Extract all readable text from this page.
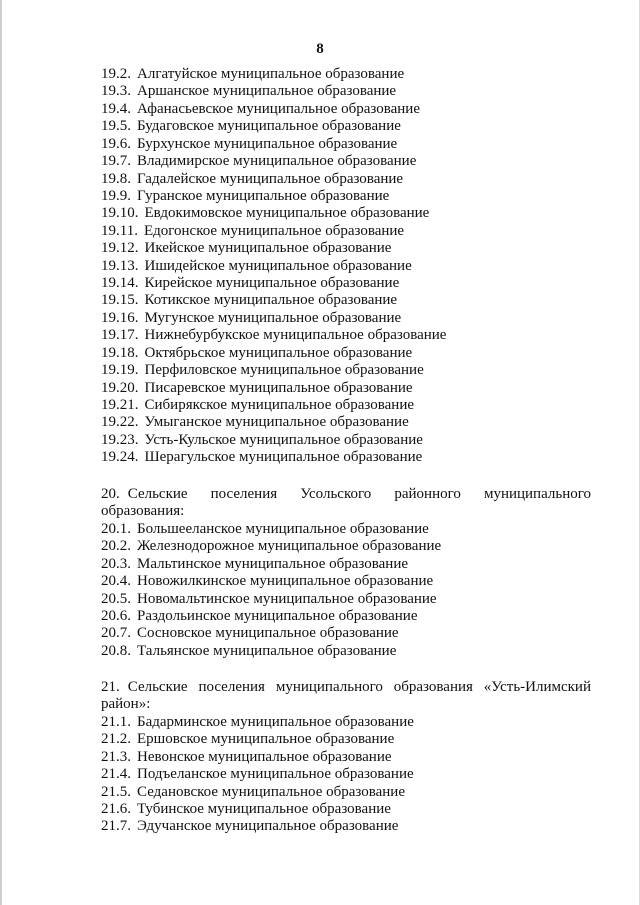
8
19.2. Алгатуйское муниципальное образование
19.3. Аршанское муниципальное образование
19.4. Афанасьевское муниципальное образование
19.5. Будаговское муниципальное образование
19.6. Бурхунское муниципальное образование
19.7. Владимирское муниципальное образование
19.8. Гадалейское муниципальное образование
19.9. Гуранское муниципальное образование
19.10. Евдокимовское муниципальное образование
19.11. Едогонское муниципальное образование
19.12. Икейское муниципальное образование
19.13. Ишидейское муниципальное образование
19.14. Кирейское муниципальное образование
19.15. Котикское муниципальное образование
19.16. Мугунское муниципальное образование
19.17. Нижнебурбукское муниципальное образование
19.18. Октябрьское муниципальное образование
19.19. Перфиловское муниципальное образование
19.20. Писаревское муниципальное образование
19.21. Сибирякское муниципальное образование
19.22. Умыганское муниципальное образование
19.23. Усть-Кульское муниципальное образование
19.24. Шерагульское муниципальное образование
20. Сельские поселения Усольского районного муниципального образования:
20.1. Большееланское муниципальное образование
20.2. Железнодорожное муниципальное образование
20.3. Мальтинское муниципальное образование
20.4. Новожилкинское муниципальное образование
20.5. Новомальтинское муниципальное образование
20.6. Раздольинское муниципальное образование
20.7. Сосновское муниципальное образование
20.8. Тальянское муниципальное образование
21. Сельские поселения муниципального образования «Усть-Илимский район»:
21.1. Бадарминское муниципальное образование
21.2. Ершовское муниципальное образование
21.3. Невонское муниципальное образование
21.4. Подъеланское муниципальное образование
21.5. Седановское муниципальное образование
21.6. Тубинское муниципальное образование
21.7. Эдучанское муниципальное образование
